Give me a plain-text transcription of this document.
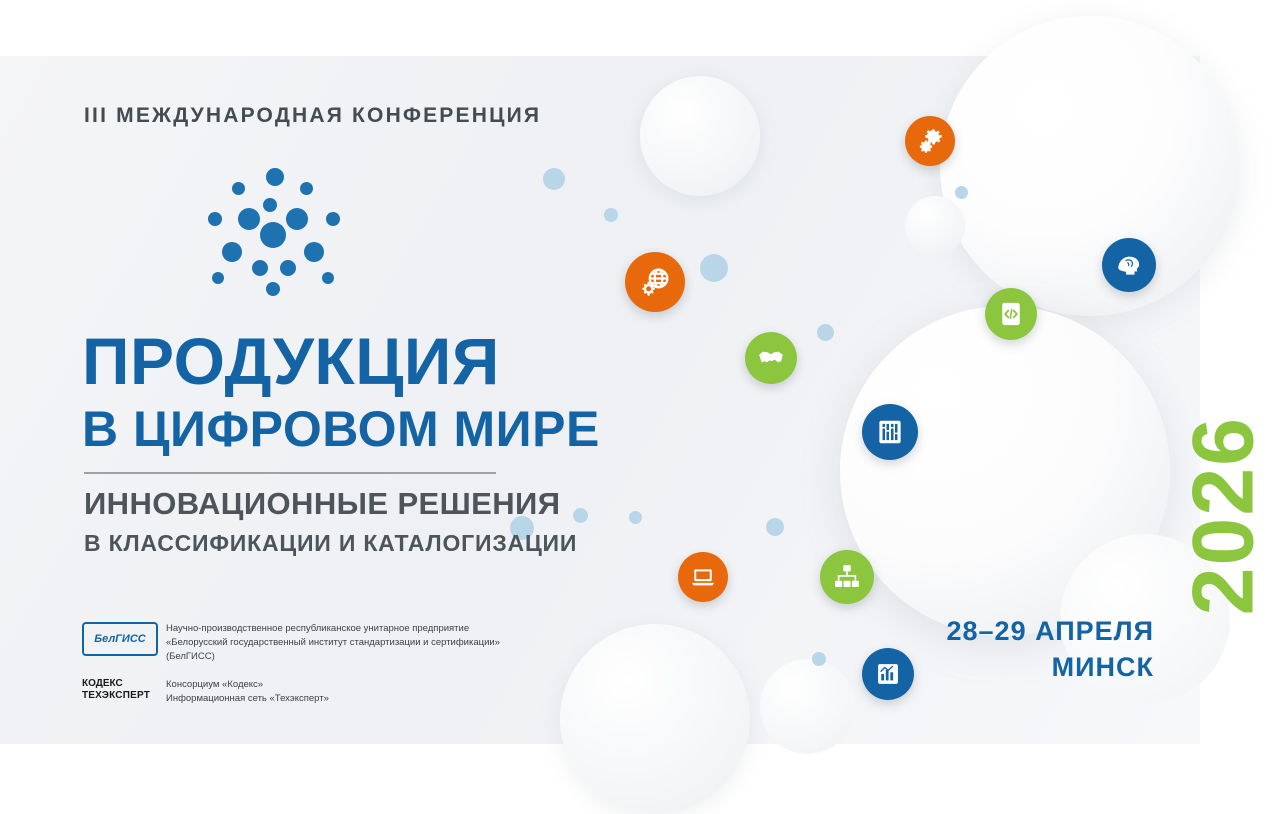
III МЕЖДУНАРОДНАЯ КОНФЕРЕНЦИЯ
ПРОДУКЦИЯ
В ЦИФРОВОМ МИРЕ
ИННОВАЦИОННЫЕ РЕШЕНИЯ
В КЛАССИФИКАЦИИ И КАТАЛОГИЗАЦИИ	2026
28–29 АПРЕЛЯ
МИНСК
БелГИСС
Научно-производственное республиканское унитарное предприятие
«Белорусский государственный институт стандартизации и сертификации»
(БелГИСС)
КОДЕКС
ТЕХЭКСПЕРТ
Консорциум «Кодекс»
Информационная сеть «Техэксперт»
